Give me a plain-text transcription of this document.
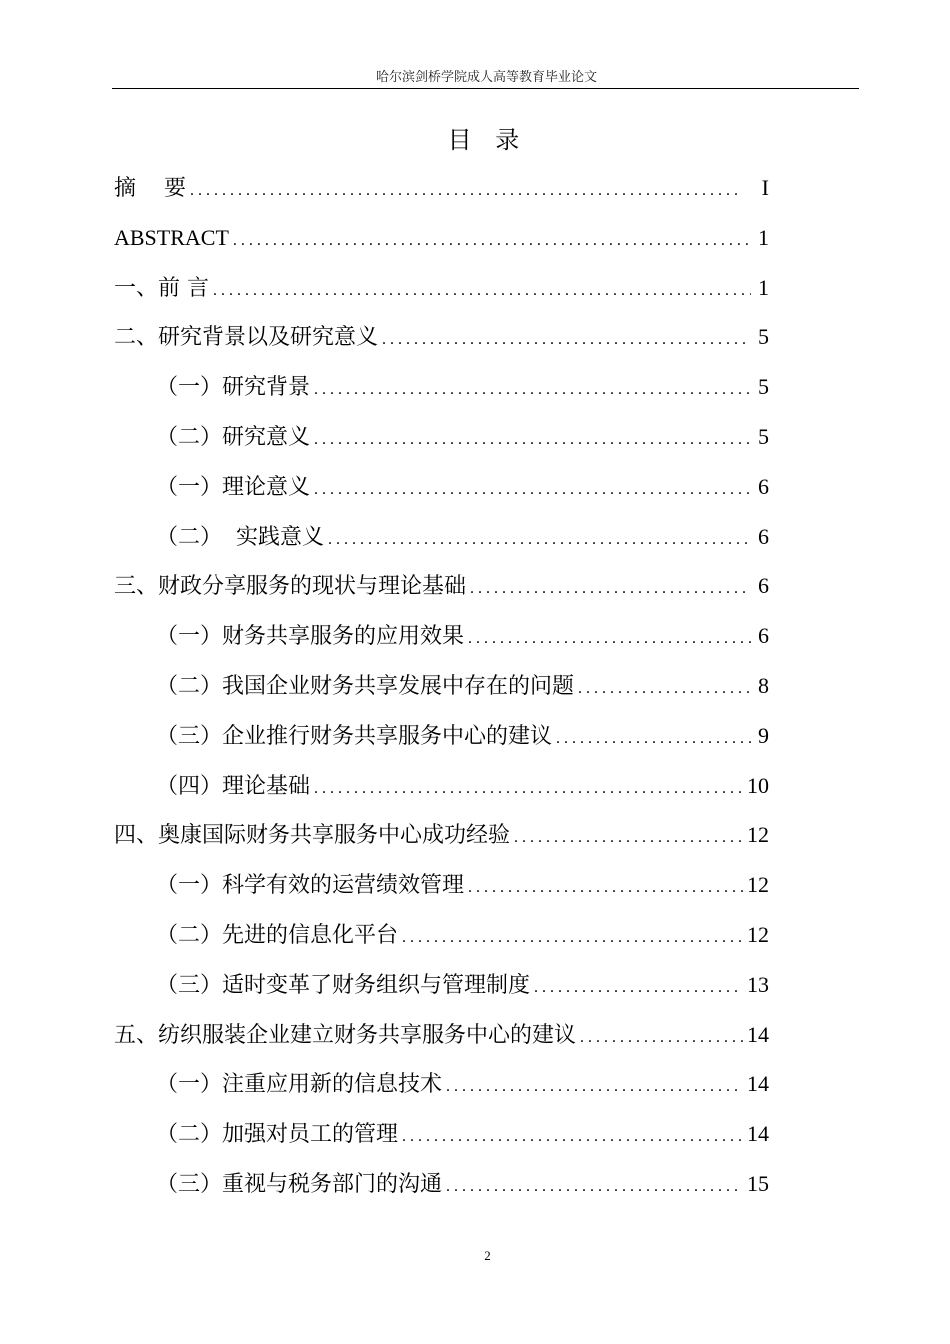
哈尔滨剑桥学院成人高等教育毕业论文
目 录
摘    要 . . .	I
ABSTRACT . . .	1
一、前 言 . . .	1
二、研究背景以及研究意义 . . .	5
（一）研究背景 . . .	5
（二）研究意义 . . .	5
（一）理论意义 . . .	6
（二）  实践意义 . . .	6
三、财政分享服务的现状与理论基础 . . .	6
（一）财务共享服务的应用效果 . . .	6
（二）我国企业财务共享发展中存在的问题 . . .	8
（三）企业推行财务共享服务中心的建议 . . .	9
（四）理论基础 . . .	10
四、奥康国际财务共享服务中心成功经验 . . .	12
（一）科学有效的运营绩效管理 . . .	12
（二）先进的信息化平台 . . .	12
（三）适时变革了财务组织与管理制度 . . .	13
五、纺织服装企业建立财务共享服务中心的建议 . . .	14
（一）注重应用新的信息技术 . . .	14
（二）加强对员工的管理 . . .	14
（三）重视与税务部门的沟通 . . .	15
2
